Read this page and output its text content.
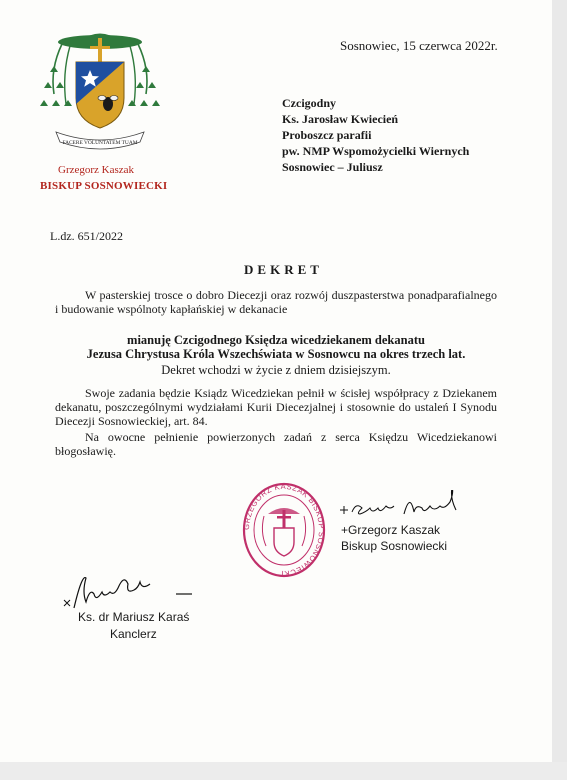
FACERE VOLUNTATEM TUAM
Sosnowiec, 15 czerwca 2022r.
Czcigodny
Ks. Jarosław Kwiecień
Proboszcz parafii
pw. NMP Wspomożycielki Wiernych
Sosnowiec – Juliusz
Grzegorz Kaszak
BISKUP SOSNOWIECKI
L.dz. 651/2022
DEKRET
W pasterskiej trosce o dobro Diecezji oraz rozwój duszpasterstwa ponadparafialnego i budowanie wspólnoty kapłańskiej w dekanacie
mianuję Czcigodnego Księdza wicedziekanem dekanatu
Jezusa Chrystusa Króla Wszechświata w Sosnowcu na okres trzech lat.
Dekret wchodzi w życie z dniem dzisiejszym.
Swoje zadania będzie Ksiądz Wicedziekan pełnił w ścisłej współpracy z Dziekanem dekanatu, poszczególnymi wydziałami Kurii Diecezjalnej i stosownie do ustaleń I Synodu Diecezji Sosnowieckiej, art. 84.
Na owocne pełnienie powierzonych zadań z serca Księdzu Wicedziekanowi błogosławię.
GRZEGORZ KASZAK BISKUP SOSNOWIECKI
+Grzegorz Kaszak
Biskup Sosnowiecki
Ks. dr Mariusz Karaś
Kanclerz
